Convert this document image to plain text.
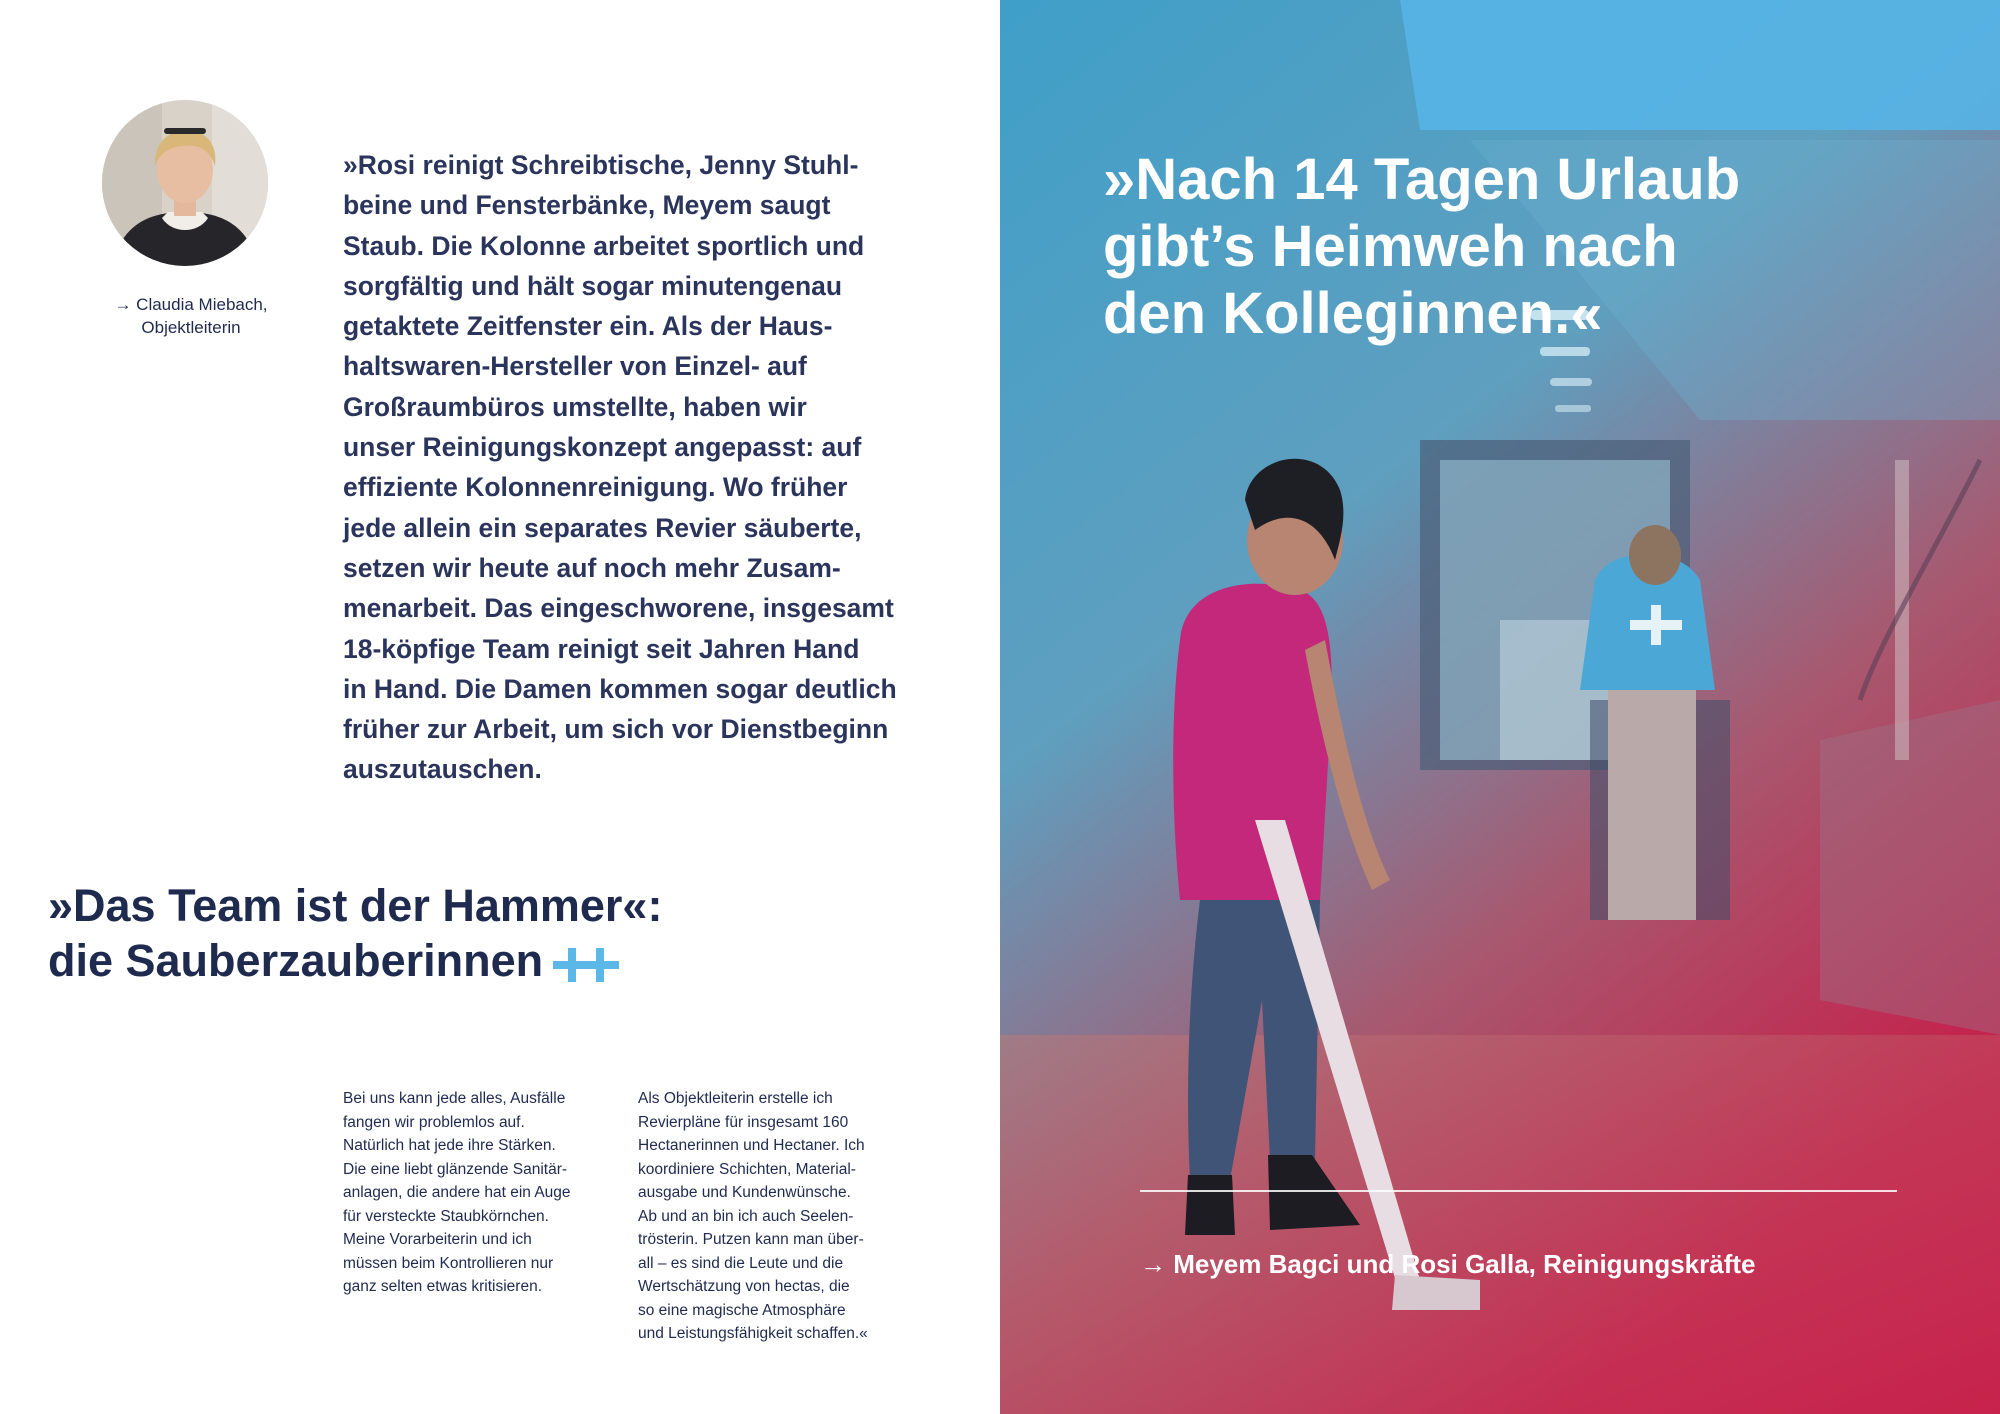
→ Claudia Miebach,
Objektleiterin
»Rosi reinigt Schreibtische, Jenny Stuhl-
beine und Fensterbänke, Meyem saugt
Staub. Die Kolonne arbeitet sportlich und
sorgfältig und hält sogar minutengenau
getaktete Zeitfenster ein. Als der Haus-
haltswaren-Hersteller von Einzel- auf
Großraumbüros umstellte, haben wir
unser Reinigungskonzept angepasst: auf
effiziente Kolonnenreinigung. Wo früher
jede allein ein separates Revier säuberte,
setzen wir heute auf noch mehr Zusam-
menarbeit. Das eingeschworene, insgesamt
18-köpfige Team reinigt seit Jahren Hand
in Hand. Die Damen kommen sogar deutlich
früher zur Arbeit, um sich vor Dienstbeginn
auszutauschen.
»Das Team ist der Hammer«:
die Sauberzauberinnen
Bei uns kann jede alles, Ausfälle
fangen wir problemlos auf.
Natürlich hat jede ihre Stärken.
Die eine liebt glänzende Sanitär-
anlagen, die andere hat ein Auge
für versteckte Staubkörnchen.
Meine Vorarbeiterin und ich
müssen beim Kontrollieren nur
ganz selten etwas kritisieren.
Als Objektleiterin erstelle ich
Revierpläne für insgesamt 160
Hectanerinnen und Hectaner. Ich
koordiniere Schichten, Material-
ausgabe und Kundenwünsche.
Ab und an bin ich auch Seelen-
trösterin. Putzen kann man über-
all – es sind die Leute und die
Wertschätzung von hectas, die
so eine magische Atmosphäre
und Leistungsfähigkeit schaffen.«
»Nach 14 Tagen Urlaub
gibt’s Heimweh nach
den Kolleginnen.«
→ Meyem Bagci und Rosi Galla, Reinigungskräfte
